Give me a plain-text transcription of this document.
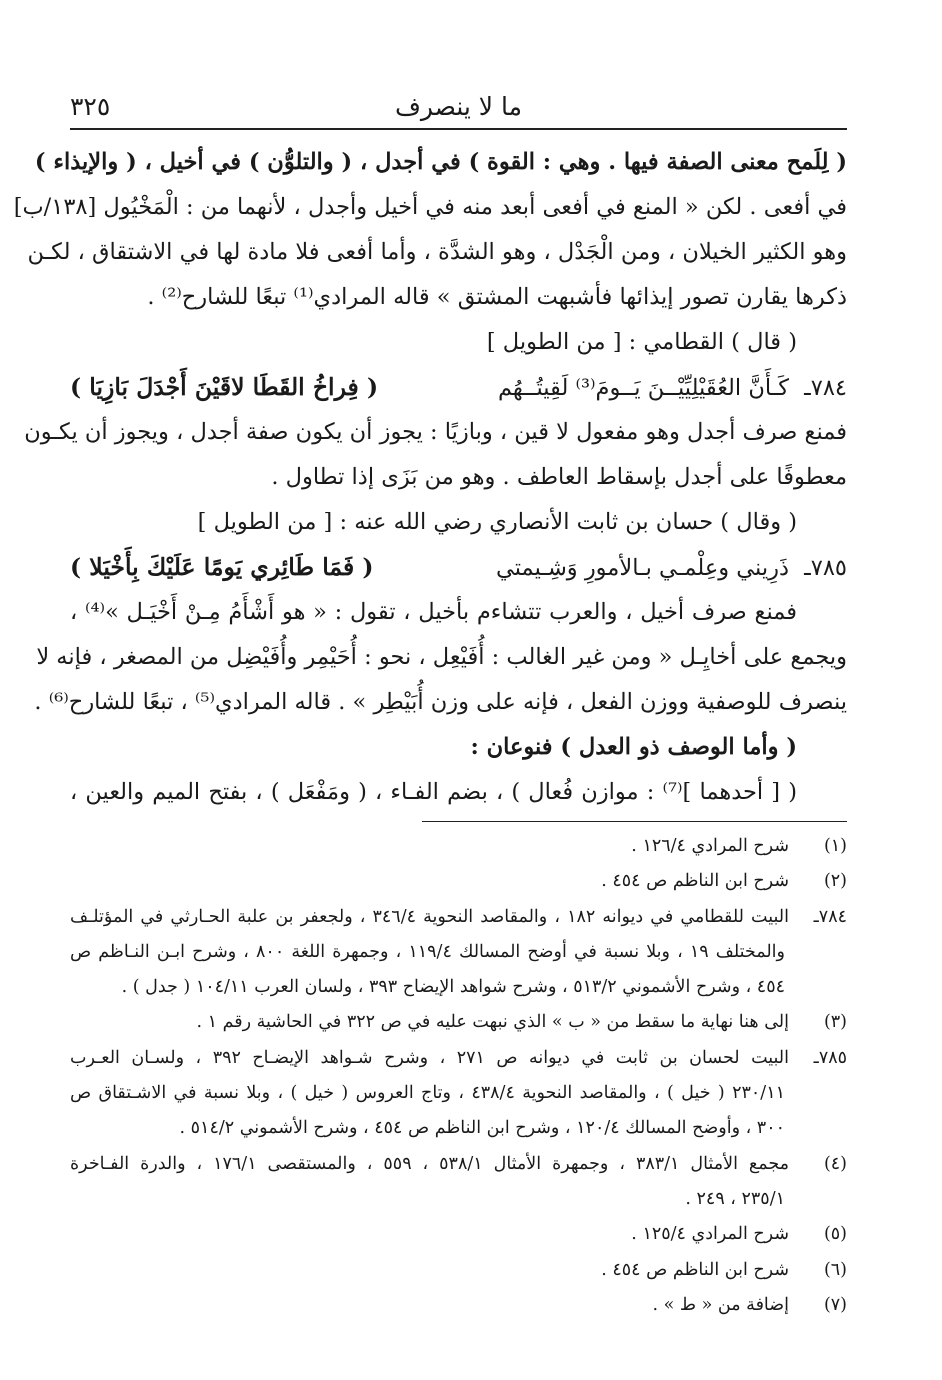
ما لا ينصرف
٣٢٥
( لِلَمح معنى الصفة فيها . وهي : القوة ) في أجدل ، ( والتلوُّن ) في أخيل ، ( والإيذاء )
في أفعى . لكن « المنع في أفعى أبعد منه في أخيل وأجدل ، لأنهما من : الْمَخْيُول [١٣٨/ب]
وهو الكثير الخيلان ، ومن الْجَدْل ، وهو الشدَّة ، وأما أفعى فلا مادة لها في الاشتقاق ، لكـن
ذكرها يقارن تصور إيذائها فأشبهت المشتق » قاله المرادي⁽¹⁾ تبعًا للشارح⁽²⁾ .
( قال ) القطامي : [ من الطويل ]
٧٨٤ـ
كَـأَنَّ العُقَيْلِيِّيْــنَ يَــومَ⁽³⁾ لَقِيتُــهُم
( فِراخُ القَطَا لاقَيْنَ أَجْدَلَ بَازِيَا )
فمنع صرف أجدل وهو مفعول لا قين ، وبازيًا : يجوز أن يكون صفة أجدل ، ويجوز أن يكـون
معطوفًا على أجدل بإسقاط العاطف . وهو من بَزَى إذا تطاول .
( وقال ) حسان بن ثابت الأنصاري رضي الله عنه : [ من الطويل ]
٧٨٥ـ
ذَرِيني وعِلْمـي بـالأمورِ وَشِـيمتي
( فَمَا طَائِري يَومًا عَلَيْكَ بِأَخْيَلا )
فمنع صرف أخيل ، والعرب تتشاءم بأخيل ، تقول : « هو أَشْأَمُ مِـنْ أَخْيَـل »⁽⁴⁾ ،
ويجمع على أخايِـل « ومن غير الغالب : أُفَيْعِل ، نحو : أُحَيْمِر وأُفَيْضِل من المصغر ، فإنه لا
ينصرف للوصفية ووزن الفعل ، فإنه على وزن أُبَيْطِر » . قاله المرادي⁽⁵⁾ ، تبعًا للشارح⁽⁶⁾ .
( وأما الوصف ذو العدل ) فنوعان :
( [ أحدهما ]⁽⁷⁾ : موازن فُعال ) ، بضم الفـاء ، ( ومَفْعَل ) ، بفتح الميم والعين ،
(١)شرح المرادي ١٢٦/٤ .
(٢)شرح ابن الناظم ص ٤٥٤ .
٧٨٤ـالبيت للقطامي في ديوانه ١٨٢ ، والمقاصد النحوية ٣٤٦/٤ ، ولجعفر بن علبة الحـارثي في المؤتلـف
والمختلف ١٩ ، وبلا نسبة في أوضح المسالك ١١٩/٤ ، وجمهرة اللغة ٨٠٠ ، وشرح ابـن النـاظم ص
٤٥٤ ، وشرح الأشموني ٥١٣/٢ ، وشرح شواهد الإيضاح ٣٩٣ ، ولسان العرب ١٠٤/١١ ( جدل ) .
(٣)إلى هنا نهاية ما سقط من « ب » الذي نبهت عليه في ص ٣٢٢ في الحاشية رقم ١ .
٧٨٥ـالبيت لحسان بن ثابت في ديوانه ص ٢٧١ ، وشرح شـواهد الإيضـاح ٣٩٢ ، ولسـان العـرب
٢٣٠/١١ ( خيل ) ، والمقاصد النحوية ٤٣٨/٤ ، وتاج العروس ( خيل ) ، وبلا نسبة في الاشـتقاق ص
٣٠٠ ، وأوضح المسالك ١٢٠/٤ ، وشرح ابن الناظم ص ٤٥٤ ، وشرح الأشموني ٥١٤/٢ .
(٤)مجمع الأمثال ٣٨٣/١ ، وجمهرة الأمثال ٥٣٨/١ ، ٥٥٩ ، والمستقصى ١٧٦/١ ، والدرة الفـاخرة
٢٣٥/١ ، ٢٤٩ .
(٥)شرح المرادي ١٢٥/٤ .
(٦)شرح ابن الناظم ص ٤٥٤ .
(٧)إضافة من « ط » .
